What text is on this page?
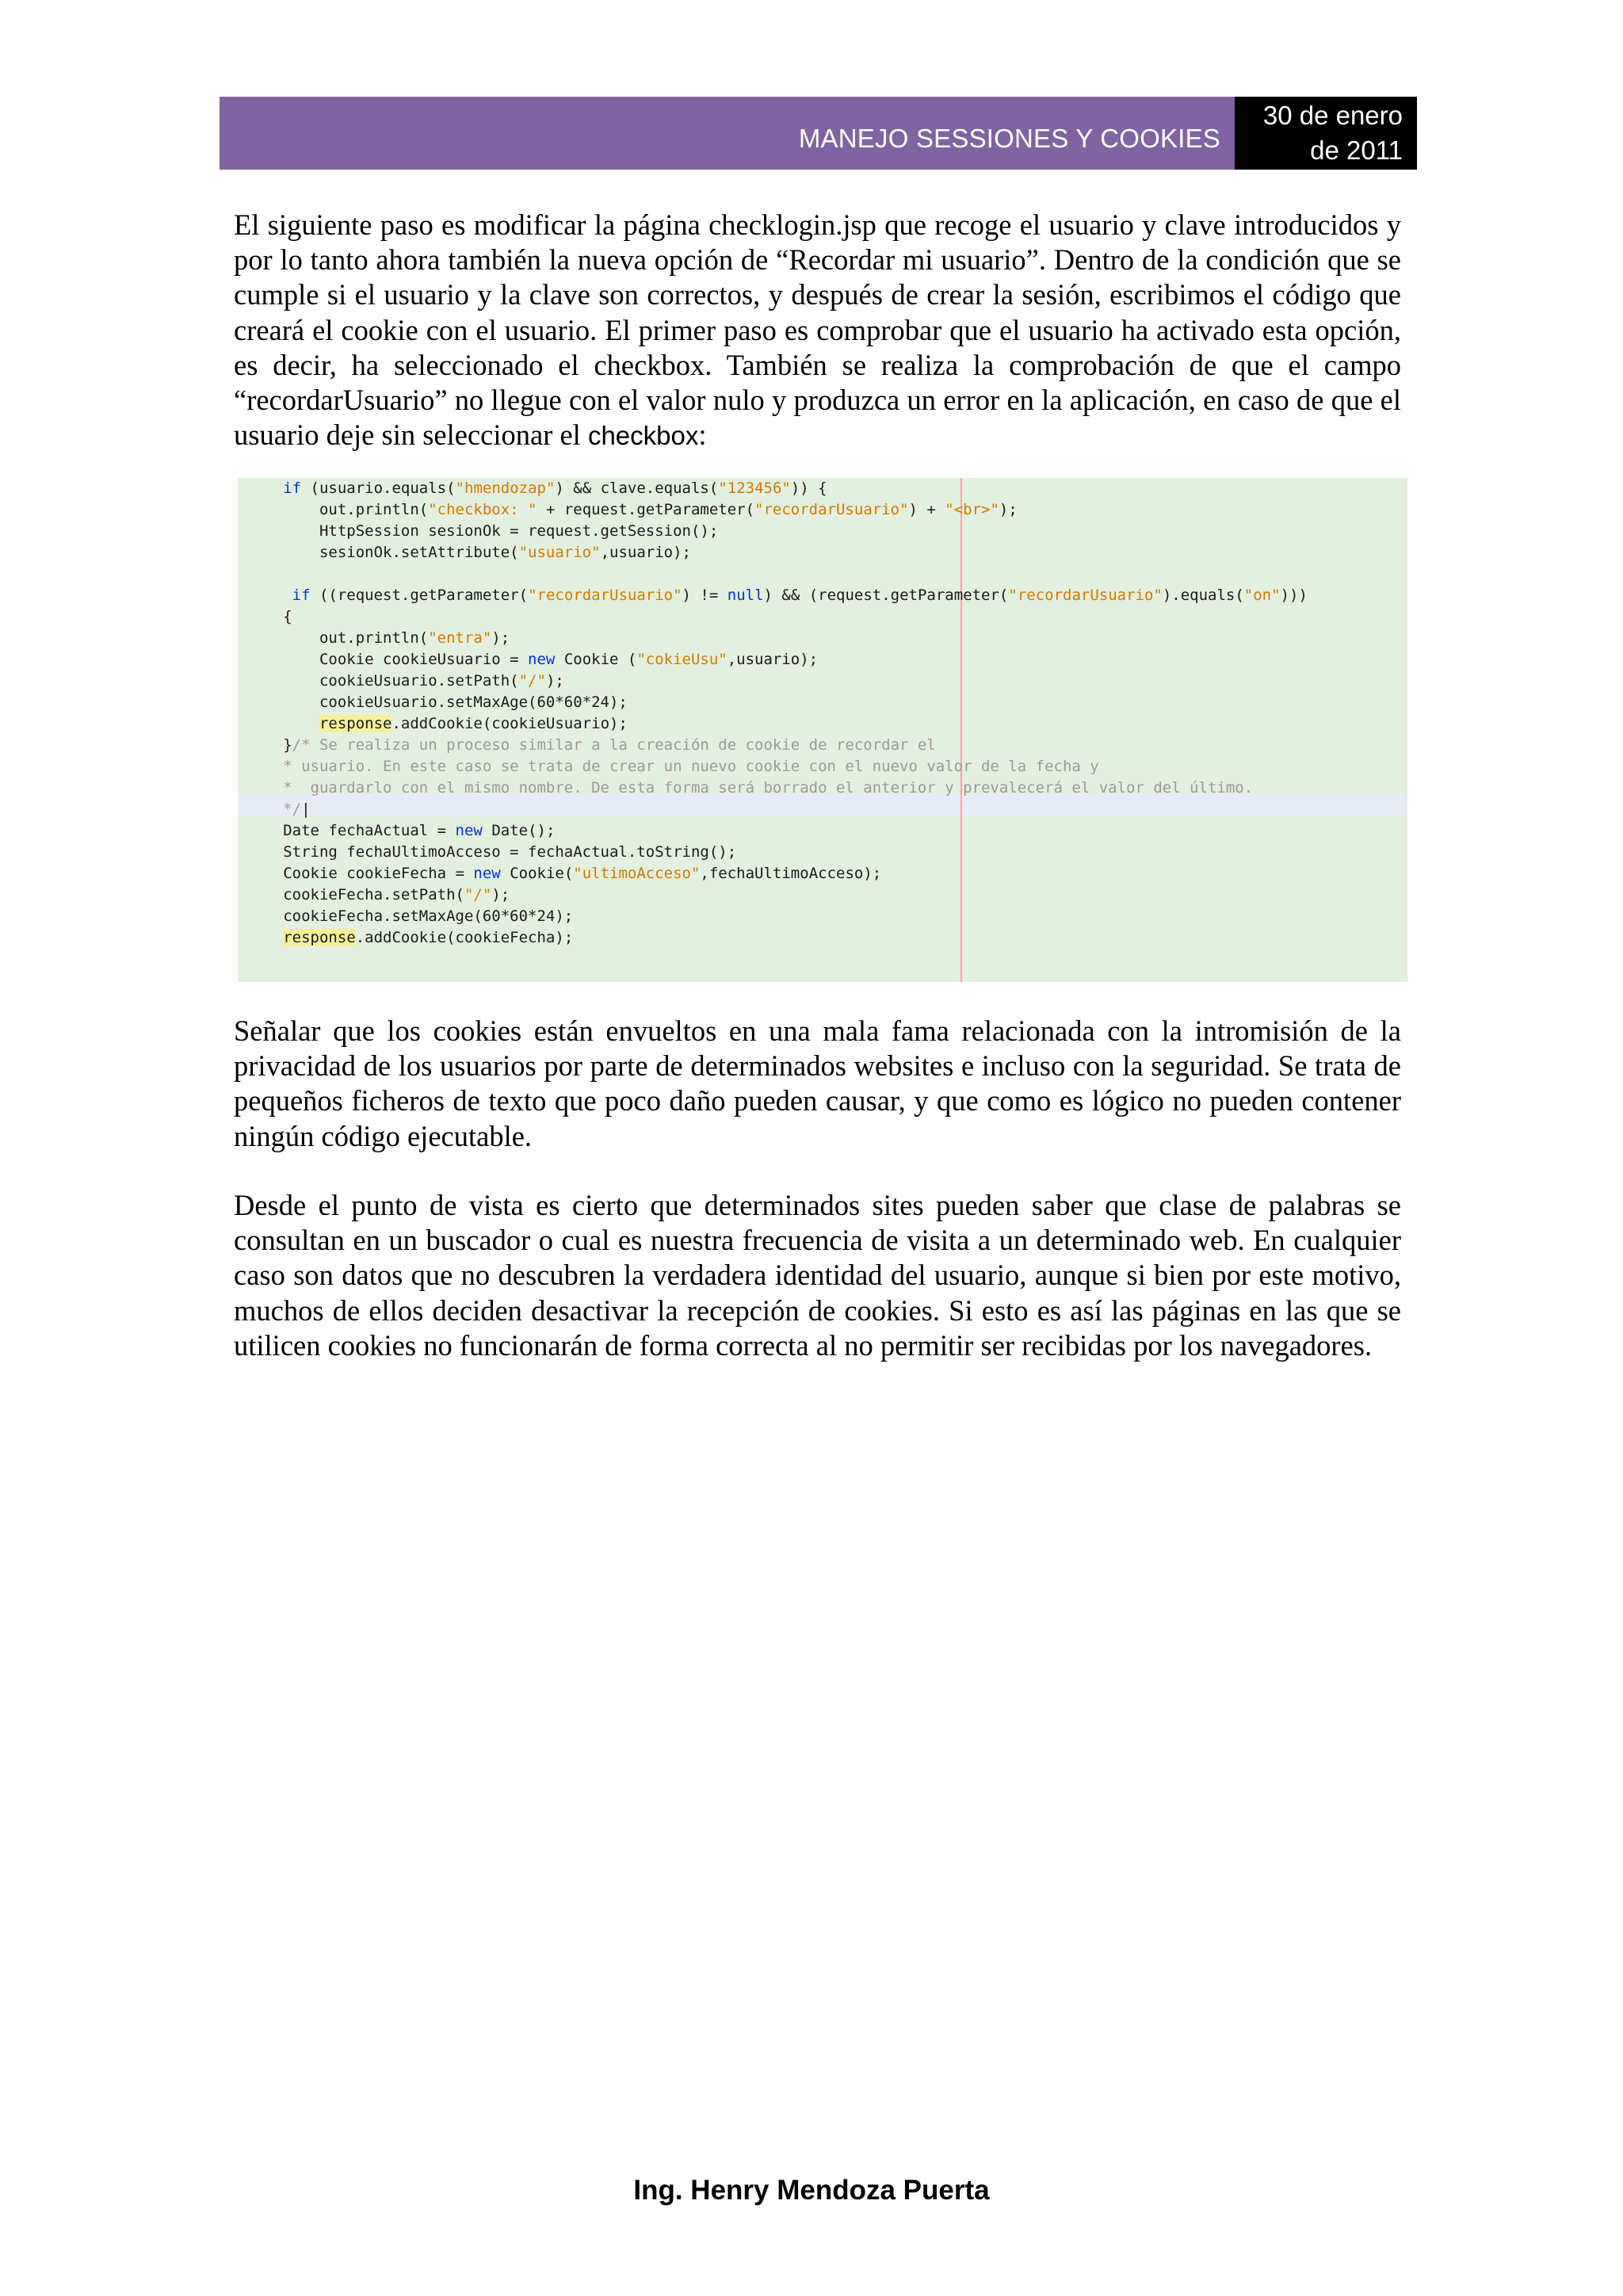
MANEJO SESSIONES Y COOKIES
30 de enero
de 2011

El siguiente paso es modificar la página checklogin.jsp que recoge el usuario y clave introducidos y por lo tanto ahora también la nueva opción de “Recordar mi usuario”. Dentro de la condición que se cumple si el usuario y la clave son correctos, y después de crear la sesión, escribimos el código que creará el cookie con el usuario. El primer paso es comprobar que el usuario ha activado esta opción, es decir, ha seleccionado el checkbox. También se realiza la comprobación de que el campo “recordarUsuario” no llegue con el valor nulo y produzca un error en la aplicación, en caso de que el usuario deje sin seleccionar el checkbox:

if (usuario.equals("hmendozap") && clave.equals("123456")) {
out.println("checkbox: " + request.getParameter("recordarUsuario") + "<br>");
HttpSession sesionOk = request.getSession();
sesionOk.setAttribute("usuario",usuario);

if ((request.getParameter("recordarUsuario") != null) && (request.getParameter("recordarUsuario").equals("on")))
{
out.println("entra");
Cookie cookieUsuario = new Cookie ("cokieUsu",usuario);
cookieUsuario.setPath("/");
cookieUsuario.setMaxAge(60*60*24);
response.addCookie(cookieUsuario);
}/* Se realiza un proceso similar a la creación de cookie de recordar el
* usuario. En este caso se trata de crear un nuevo cookie con el nuevo valor de la fecha y
*  guardarlo con el mismo nombre. De esta forma será borrado el anterior y prevalecerá el valor del último.
*/|
Date fechaActual = new Date();
String fechaUltimoAcceso = fechaActual.toString();
Cookie cookieFecha = new Cookie("ultimoAcceso",fechaUltimoAcceso);
cookieFecha.setPath("/");
cookieFecha.setMaxAge(60*60*24);
response.addCookie(cookieFecha);

Señalar que los cookies están envueltos en una mala fama relacionada con la intromisión de la privacidad de los usuarios por parte de determinados websites e incluso con la seguridad. Se trata de pequeños ficheros de texto que poco daño pueden causar, y que como es lógico no pueden contener ningún código ejecutable.

Desde el punto de vista es cierto que determinados sites pueden saber que clase de palabras se consultan en un buscador o cual es nuestra frecuencia de visita a un determinado web. En cualquier caso son datos que no descubren la verdadera identidad del usuario, aunque si bien por este motivo, muchos de ellos deciden desactivar la recepción de cookies. Si esto es así las páginas en las que se utilicen cookies no funcionarán de forma correcta al no permitir ser recibidas por los navegadores.

Ing. Henry Mendoza Puerta
